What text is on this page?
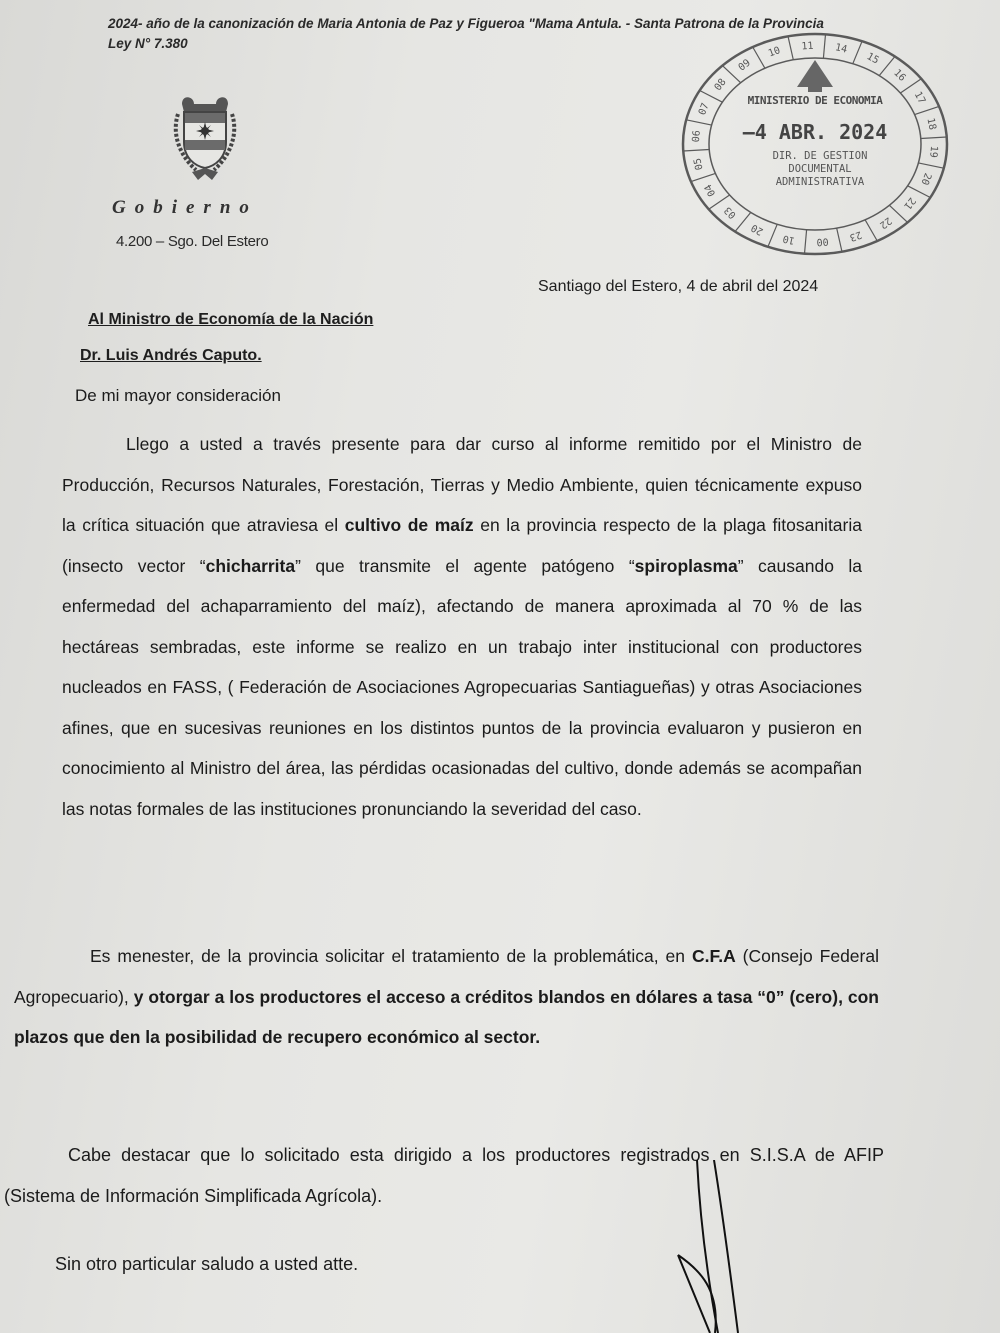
2024- año de la canonización de Maria Antonia de Paz y Figueroa "Mama Antula. - Santa Patrona de la Provincia Ley N° 7.380
Gobierno
4.200 – Sgo. Del Estero
10 11 14
15
16
17
18
19
20
21
22
23
00
10
20
03
04
05
06
07
08
09
MINISTERIO DE ECONOMIA
–4 ABR. 2024
DIR. DE GESTION
DOCUMENTAL
ADMINISTRATIVA
Santiago del Estero, 4 de abril del 2024
Al Ministro de Economía de la Nación
Dr. Luis Andrés Caputo.
De mi mayor consideración

Llego a usted a través presente para dar curso al informe remitido por el Ministro de Producción, Recursos Naturales, Forestación, Tierras y Medio Ambiente, quien técnicamente expuso la crítica situación que atraviesa el cultivo de maíz en la provincia respecto de la plaga fitosanitaria (insecto vector “chicharrita” que transmite el agente patógeno “spiroplasma” causando la enfermedad del achaparramiento del maíz), afectando de manera aproximada al 70 % de las hectáreas sembradas, este informe se realizo en un trabajo inter institucional con productores nucleados en FASS, ( Federación de Asociaciones Agropecuarias Santiagueñas) y otras Asociaciones afines, que en sucesivas reuniones en los distintos puntos de la provincia evaluaron y pusieron en conocimiento al Ministro del área, las pérdidas ocasionadas del cultivo, donde además se acompañan las notas formales de las instituciones pronunciando la severidad del caso.

Es menester, de la provincia solicitar el tratamiento de la problemática, en C.F.A (Consejo Federal Agropecuario), y otorgar a los productores el acceso a créditos blandos en dólares a tasa “0” (cero), con plazos que den la posibilidad de recupero económico al sector.

Cabe destacar que lo solicitado esta dirigido a los productores registrados en S.I.S.A de AFIP (Sistema de Información Simplificada Agrícola).

Sin otro particular saludo a usted atte.
